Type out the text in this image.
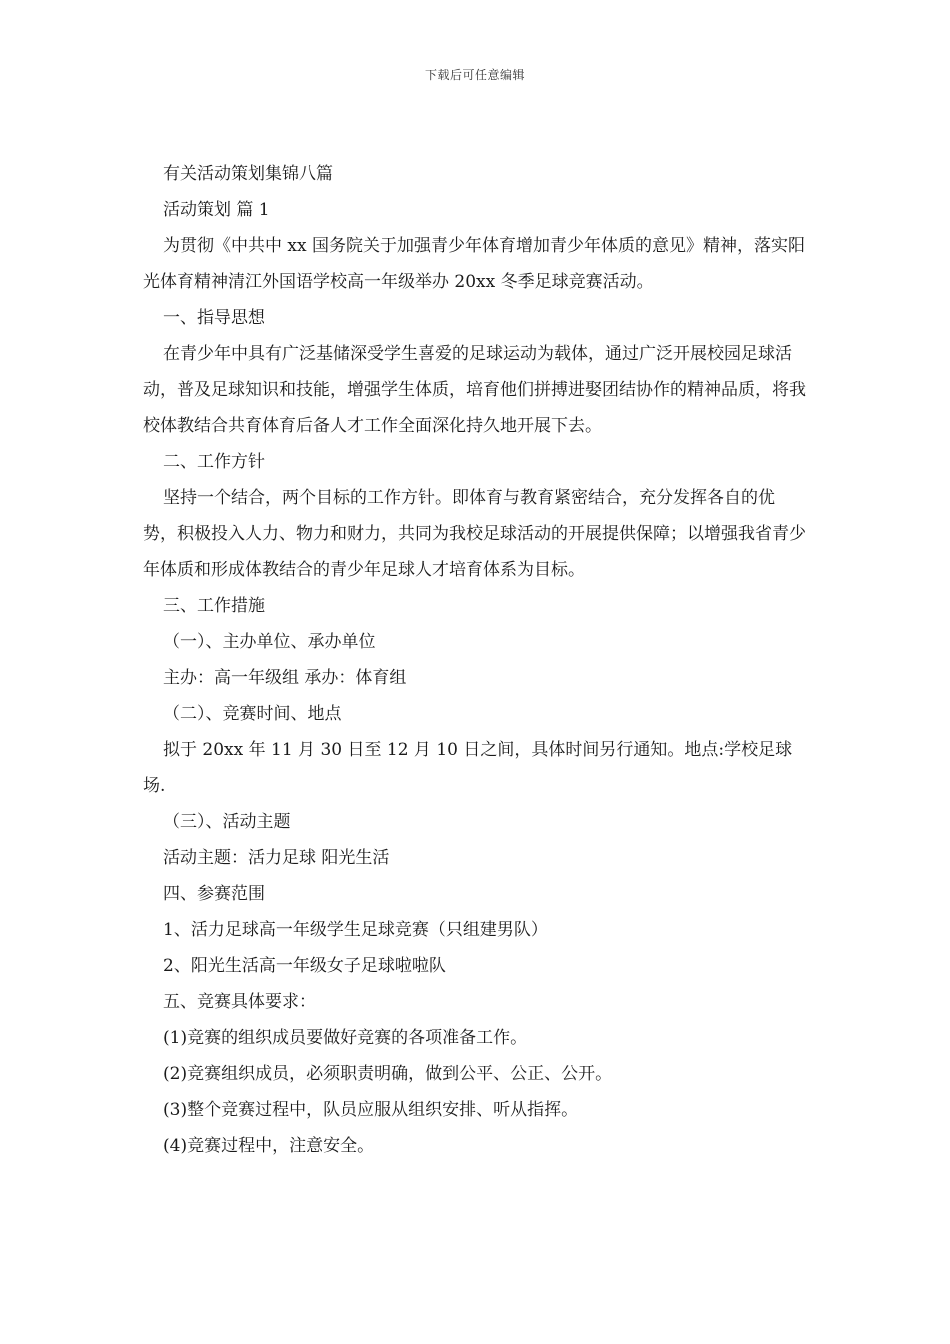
下载后可任意编辑

有关活动策划集锦八篇

活动策划 篇 1

为贯彻《中共中 xx 国务院关于加强青少年体育增加青少年体质的意见》精神，落实阳光体育精神清江外国语学校高一年级举办 20xx 冬季足球竞赛活动。

一、指导思想

在青少年中具有广泛基储深受学生喜爱的足球运动为载体，通过广泛开展校园足球活动，普及足球知识和技能，增强学生体质，培育他们拼搏进娶团结协作的精神品质，将我校体教结合共育体育后备人才工作全面深化持久地开展下去。

二、工作方针

坚持一个结合，两个目标的工作方针。即体育与教育紧密结合，充分发挥各自的优势，积极投入人力、物力和财力，共同为我校足球活动的开展提供保障；以增强我省青少年体质和形成体教结合的青少年足球人才培育体系为目标。

三、工作措施

（一）、主办单位、承办单位

主办：高一年级组 承办：体育组

（二）、竞赛时间、地点

拟于 20xx 年 11 月 30 日至 12 月 10 日之间，具体时间另行通知。地点:学校足球场.

（三）、活动主题

活动主题：活力足球 阳光生活

四、参赛范围

1、活力足球高一年级学生足球竞赛（只组建男队）

2、阳光生活高一年级女子足球啦啦队

五、竞赛具体要求：

(1)竞赛的组织成员要做好竞赛的各项准备工作。

(2)竞赛组织成员，必须职责明确，做到公平、公正、公开。

(3)整个竞赛过程中，队员应服从组织安排、听从指挥。

(4)竞赛过程中，注意安全。
